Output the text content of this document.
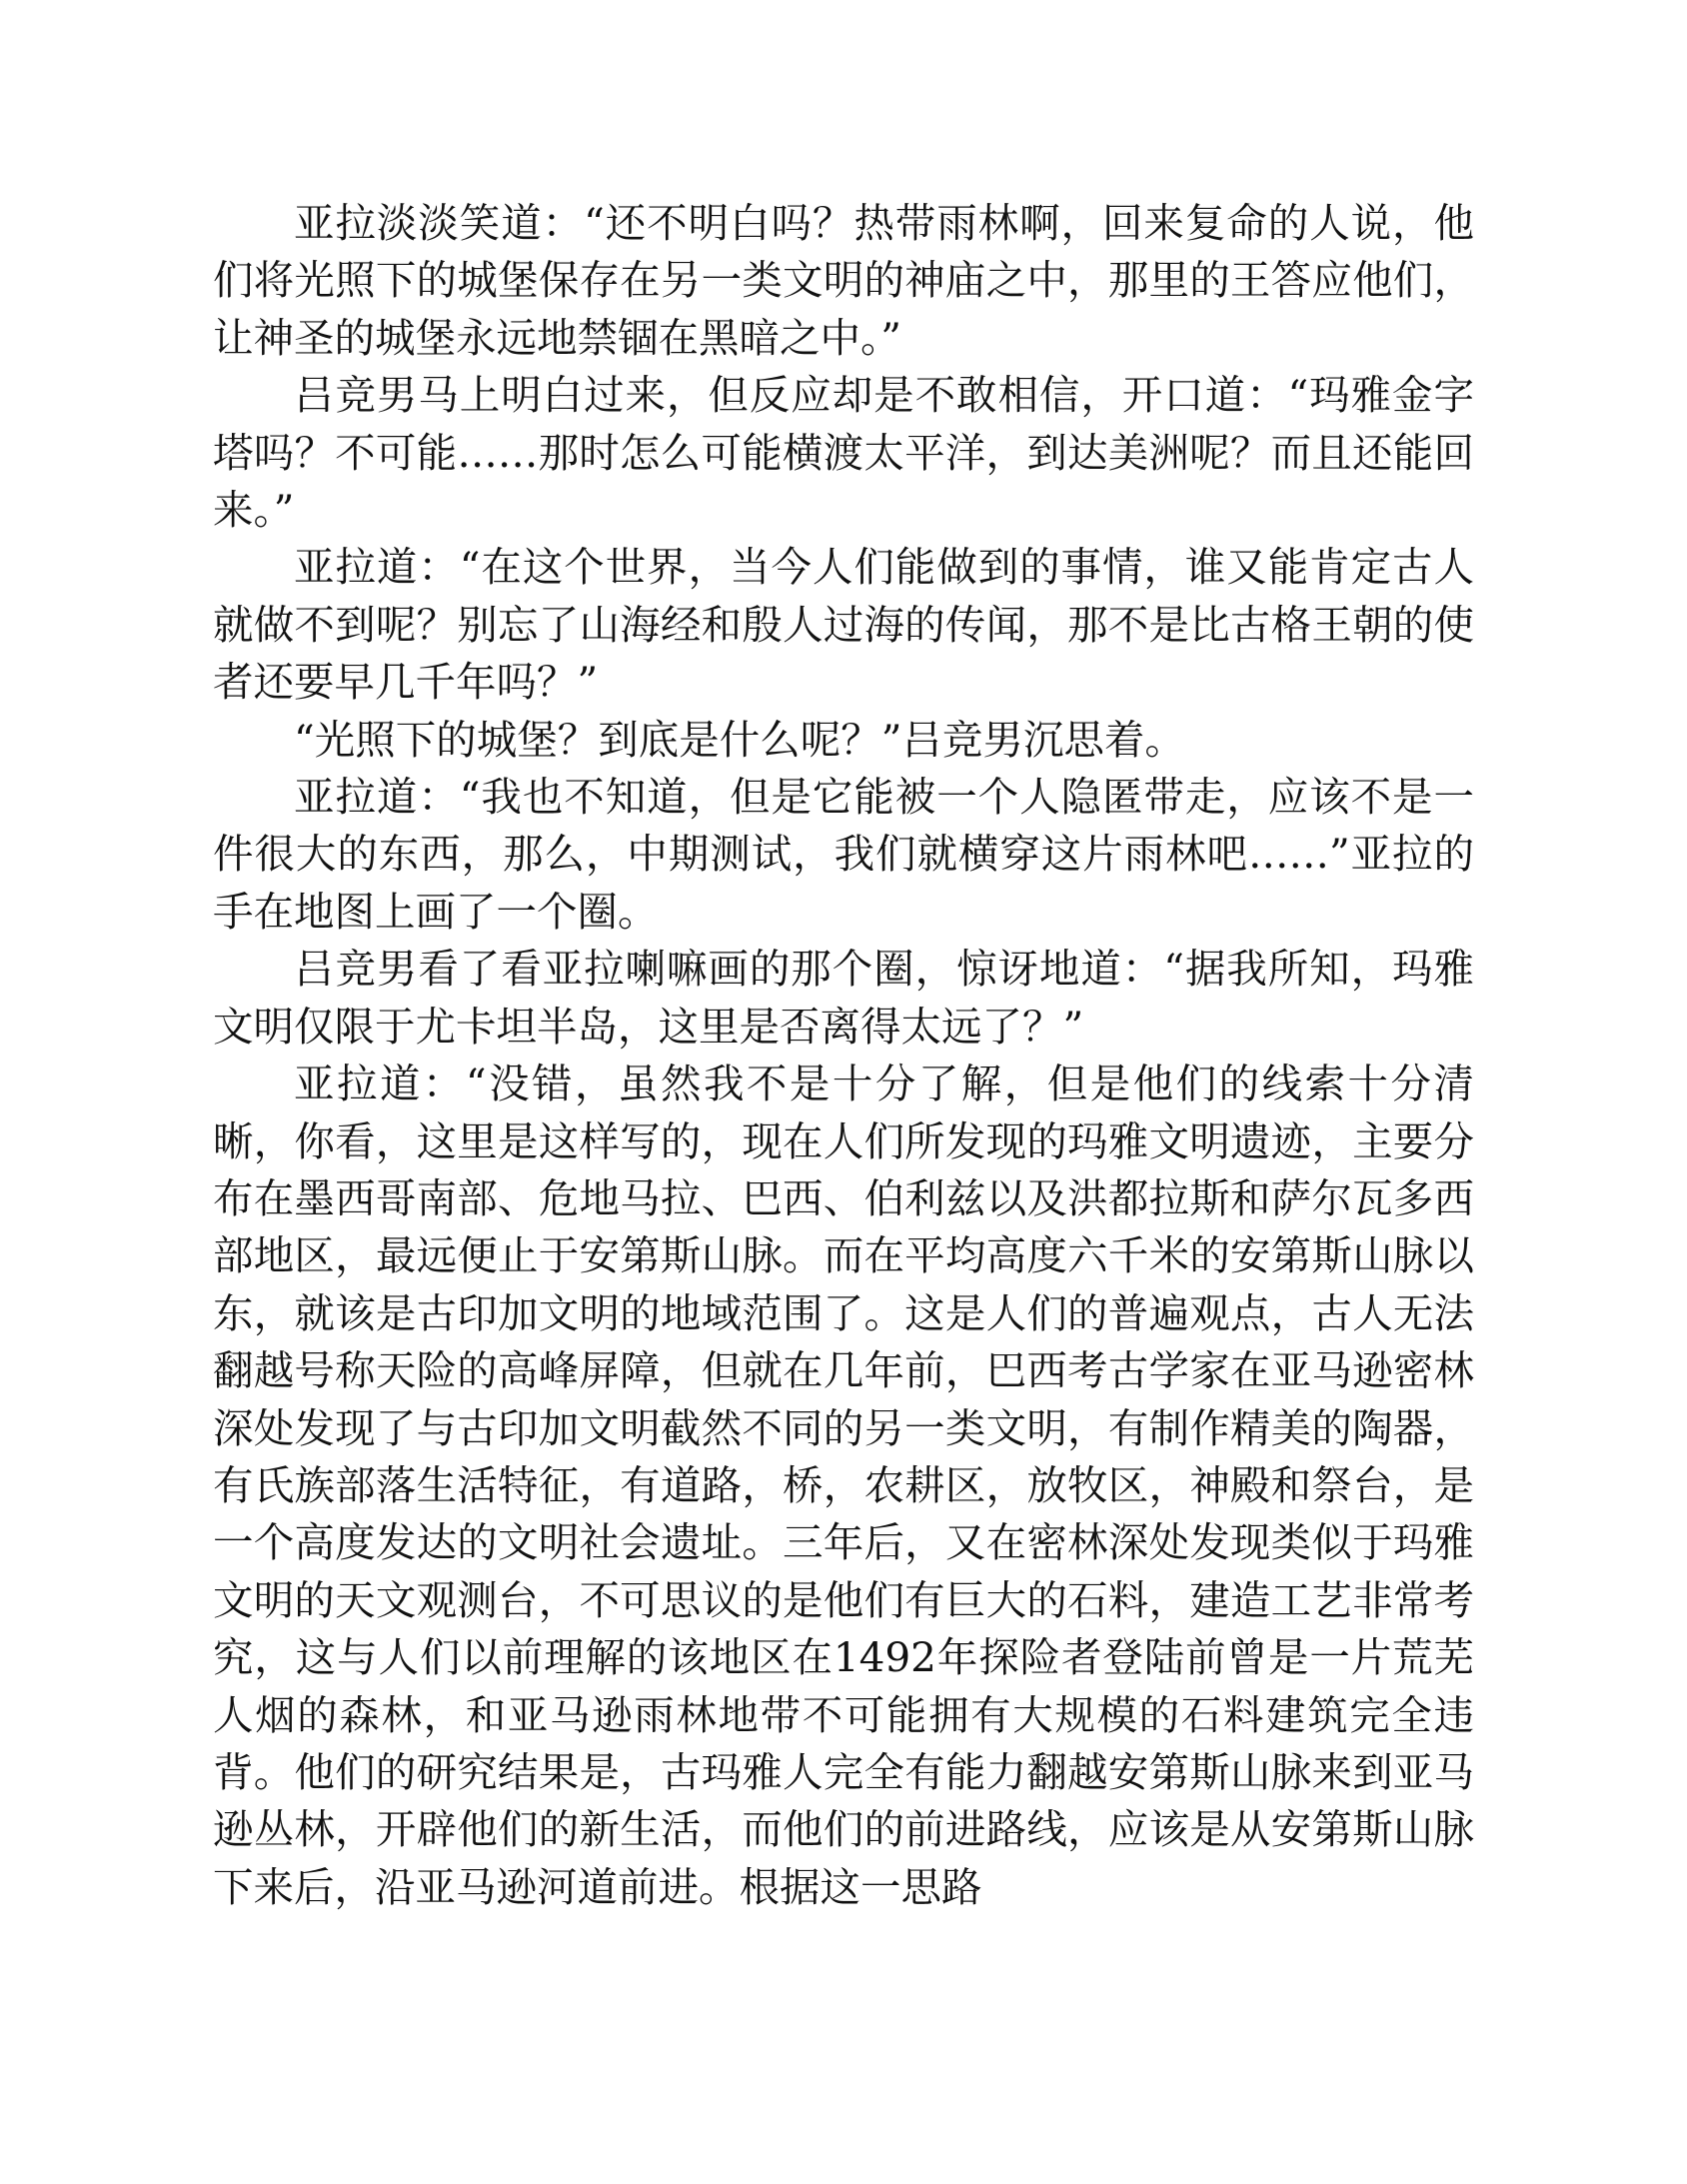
亚拉淡淡笑道：“还不明白吗？热带雨林啊，回来复命的人说，他们将光照下的城堡保存在另一类文明的神庙之中，那里的王答应他们，让神圣的城堡永远地禁锢在黑暗之中。”

吕竞男马上明白过来，但反应却是不敢相信，开口道：“玛雅金字塔吗？不可能……那时怎么可能横渡太平洋，到达美洲呢？而且还能回来。”

亚拉道：“在这个世界，当今人们能做到的事情，谁又能肯定古人就做不到呢？别忘了山海经和殷人过海的传闻，那不是比古格王朝的使者还要早几千年吗？”

“光照下的城堡？到底是什么呢？”吕竞男沉思着。

亚拉道：“我也不知道，但是它能被一个人隐匿带走，应该不是一件很大的东西，那么，中期测试，我们就横穿这片雨林吧……”亚拉的手在地图上画了一个圈。

吕竞男看了看亚拉喇嘛画的那个圈，惊讶地道：“据我所知，玛雅文明仅限于尤卡坦半岛，这里是否离得太远了？”

亚拉道：“没错，虽然我不是十分了解，但是他们的线索十分清晰，你看，这里是这样写的，现在人们所发现的玛雅文明遗迹，主要分布在墨西哥南部、危地马拉、巴西、伯利兹以及洪都拉斯和萨尔瓦多西部地区，最远便止于安第斯山脉。而在平均高度六千米的安第斯山脉以东，就该是古印加文明的地域范围了。这是人们的普遍观点，古人无法翻越号称天险的高峰屏障，但就在几年前，巴西考古学家在亚马逊密林深处发现了与古印加文明截然不同的另一类文明，有制作精美的陶器，有氏族部落生活特征，有道路，桥，农耕区，放牧区，神殿和祭台，是一个高度发达的文明社会遗址。三年后，又在密林深处发现类似于玛雅文明的天文观测台，不可思议的是他们有巨大的石料，建造工艺非常考究，这与人们以前理解的该地区在1492年探险者登陆前曾是一片荒芜人烟的森林，和亚马逊雨林地带不可能拥有大规模的石料建筑完全违背。他们的研究结果是，古玛雅人完全有能力翻越安第斯山脉来到亚马逊丛林，开辟他们的新生活，而他们的前进路线，应该是从安第斯山脉下来后，沿亚马逊河道前进。根据这一思路
